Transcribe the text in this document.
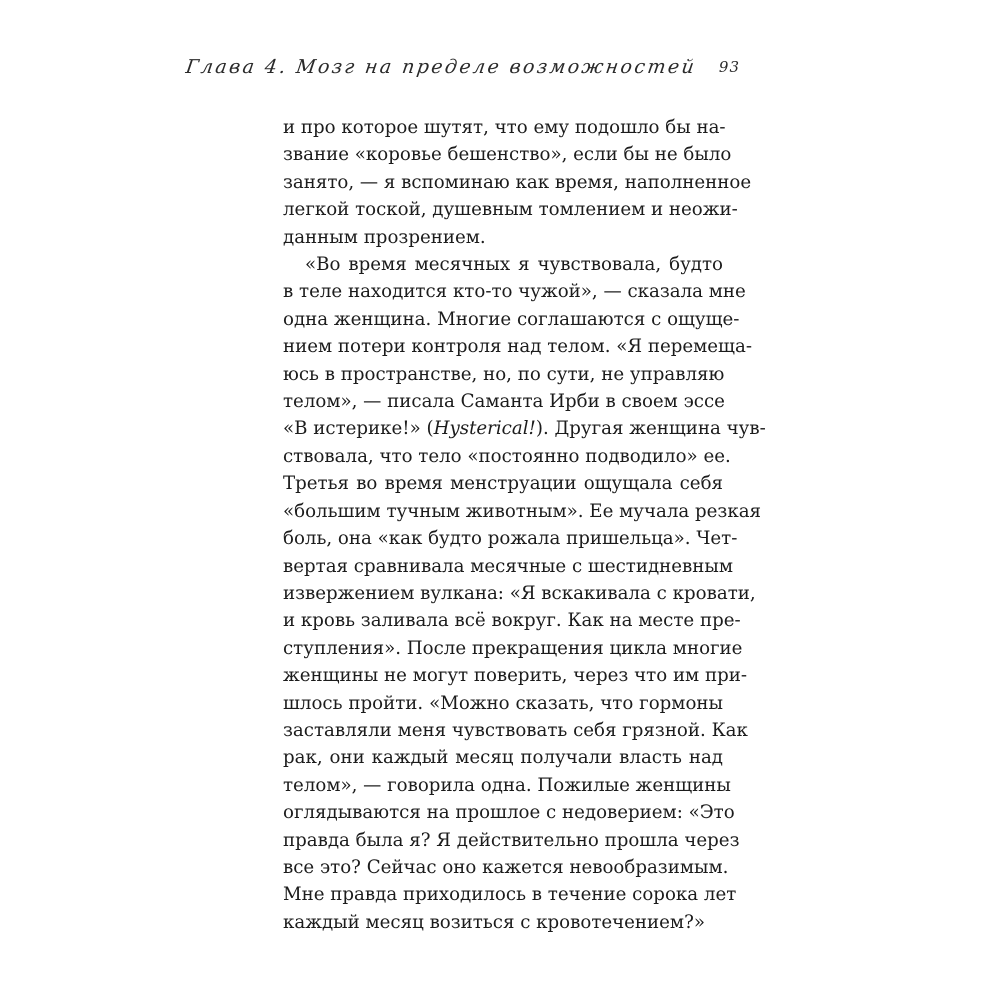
Глава 4. Мозг на пределе возможностей 93
и про которое шутят, что ему подошло бы на-
звание «коровье бешенство», если бы не было
занято, — я вспоминаю как время, наполненное
легкой тоской, душевным томлением и неожи-
данным прозрением.
«Во время месячных я чувствовала, будто
в теле находится кто-то чужой», — сказала мне
одна женщина. Многие соглашаются с ощуще-
нием потери контроля над телом. «Я перемеща-
юсь в пространстве, но, по сути, не управляю
телом», — писала Саманта Ирби в своем эссе
«В истерике!» (Hysterical!). Другая женщина чув-
ствовала, что тело «постоянно подводило» ее.
Третья во время менструации ощущала себя
«большим тучным животным». Ее мучала резкая
боль, она «как будто рожала пришельца». Чет-
вертая сравнивала месячные с шестидневным
извержением вулкана: «Я вскакивала с кровати,
и кровь заливала всё вокруг. Как на месте пре-
ступления». После прекращения цикла многие
женщины не могут поверить, через что им при-
шлось пройти. «Можно сказать, что гормоны
заставляли меня чувствовать себя грязной. Как
рак, они каждый месяц получали власть над
телом», — говорила одна. Пожилые женщины
оглядываются на прошлое с недоверием: «Это
правда была я? Я действительно прошла через
все это? Сейчас оно кажется невообразимым.
Мне правда приходилось в течение сорока лет
каждый месяц возиться с кровотечением?»
